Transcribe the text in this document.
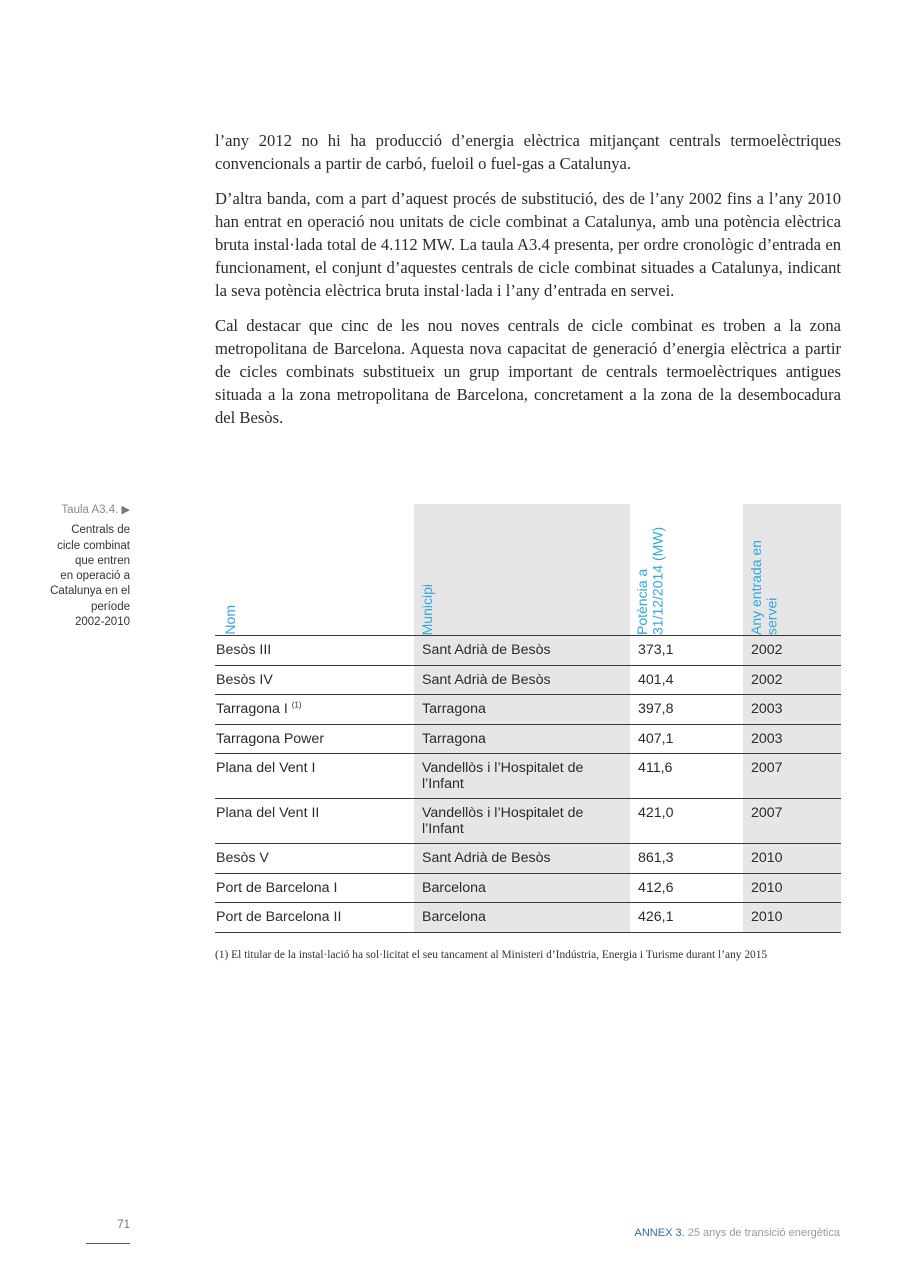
l’any 2012 no hi ha producció d’energia elèctrica mitjançant centrals termoelèctriques convencionals a partir de carbó, fueloil o fuel-gas a Catalunya.

D’altra banda, com a part d’aquest procés de substitució, des de l’any 2002 fins a l’any 2010 han entrat en operació nou unitats de cicle combinat a Catalunya, amb una potència elèctrica bruta instal·lada total de 4.112 MW. La taula A3.4 presenta, per ordre cronològic d’entrada en funcionament, el conjunt d’aquestes centrals de cicle combinat situades a Catalunya, indicant la seva potència elèctrica bruta instal·lada i l’any d’entrada en servei.

Cal destacar que cinc de les nou noves centrals de cicle combinat es troben a la zona metropolitana de Barcelona. Aquesta nova capacitat de generació d’energia elèctrica a partir de cicles combinats substitueix un grup important de centrals termoelèctriques antigues situada a la zona metropolitana de Barcelona, concretament a la zona de la desembocadura del Besòs.

Taula A3.4. ▶
Centrals de
cicle combinat
que entren
en operació a
Catalunya en el
període
2002-2010	Nom	Municipi	Potència a 31/12/2014 (MW)	Any entrada en servei

Besòs III	Sant Adrià de Besòs	373,1	2002
Besòs IV	Sant Adrià de Besòs	401,4	2002
Tarragona I $^{(1)}$	Tarragona	397,8	2003
Tarragona Power	Tarragona	407,1	2003
Plana del Vent I	Vandellòs i l’Hospitalet de l’Infant	411,6	2007
Plana del Vent II	Vandellòs i l’Hospitalet de l’Infant	421,0	2007
Besòs V	Sant Adrià de Besòs	861,3	2010
Port de Barcelona I	Barcelona	412,6	2010
Port de Barcelona II	Barcelona	426,1	2010
(1) El titular de la instal·lació ha sol·licitat el seu tancament al Ministeri d’Indústria, Energia i Turisme durant l’any 2015
71
ANNEX 3. 25 anys de transició energètica
